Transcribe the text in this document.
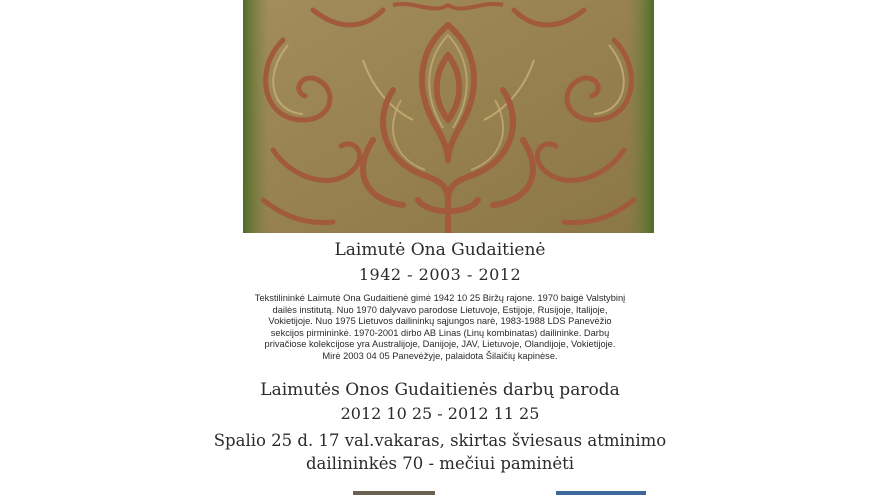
Laimutė Ona Gudaitienė
1942 - 2003 - 2012
Tekstilininkė Laimutė Ona Gudaitienė gimė 1942 10 25 Biržų rajone. 1970 baigė Valstybinį
dailės institutą. Nuo 1970 dalyvavo parodose Lietuvoje, Estijoje, Rusijoje, Italijoje,
Vokietijoje. Nuo 1975 Lietuvos dailininkų sąjungos narė, 1983-1988 LDS Panevėžio
sekcijos pirmininkė. 1970-2001 dirbo AB Linas (Linų kombinatas) dailininke. Darbų
privačiose kolekcijose yra Australijoje, Danijoje, JAV, Lietuvoje, Olandijoje, Vokietijoje.
Mirė 2003 04 05 Panevėžyje, palaidota Šilaičių kapinėse.
Laimutės Onos Gudaitienės darbų paroda
2012 10 25 - 2012 11 25
Spalio 25 d. 17 val.vakaras, skirtas šviesaus atminimo
dailininkės 70 - mečiui paminėti
